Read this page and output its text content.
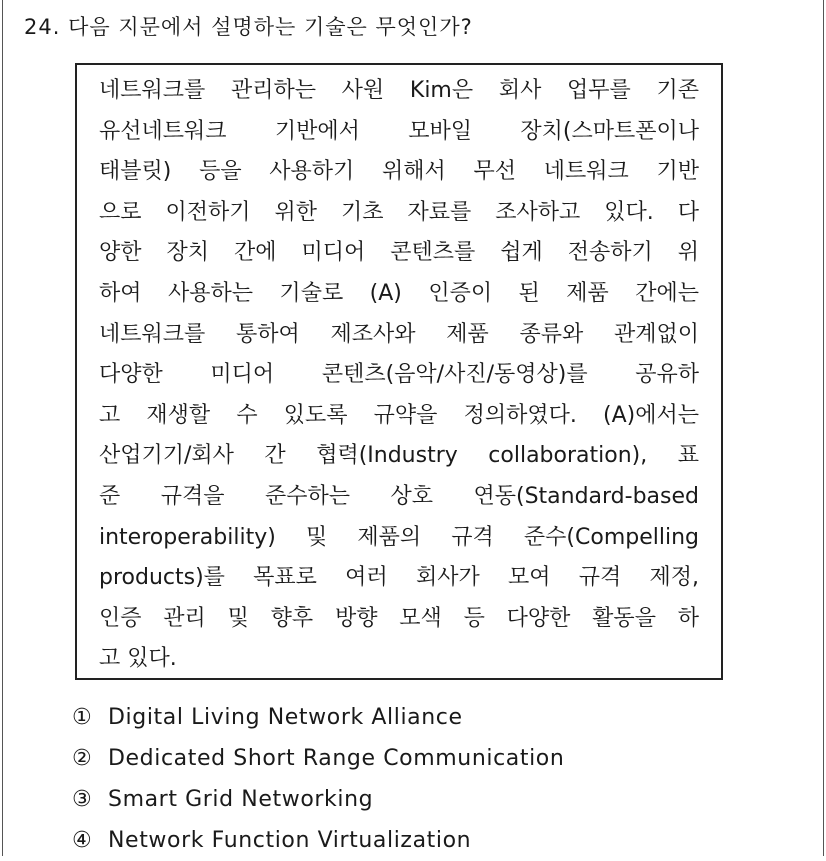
24. 다음 지문에서 설명하는 기술은 무엇인가?
네트워크를 관리하는 사원 Kim은 회사 업무를 기존
유선네트워크 기반에서 모바일 장치(스마트폰이나
태블릿) 등을 사용하기 위해서 무선 네트워크 기반
으로 이전하기 위한 기초 자료를 조사하고 있다. 다
양한 장치 간에 미디어 콘텐츠를 쉽게 전송하기 위
하여 사용하는 기술로 (A) 인증이 된 제품 간에는
네트워크를 통하여 제조사와 제품 종류와 관계없이
다양한 미디어 콘텐츠(음악/사진/동영상)를 공유하
고 재생할 수 있도록 규약을 정의하였다. (A)에서는
산업기기/회사 간 협력(Industry collaboration), 표
준 규격을 준수하는 상호 연동(Standard-based
interoperability) 및 제품의 규격 준수(Compelling
products)를 목표로 여러 회사가 모여 규격 제정,
인증 관리 및 향후 방향 모색 등 다양한 활동을 하
고 있다.
① Digital Living Network Alliance
② Dedicated Short Range Communication
③ Smart Grid Networking
④ Network Function Virtualization
